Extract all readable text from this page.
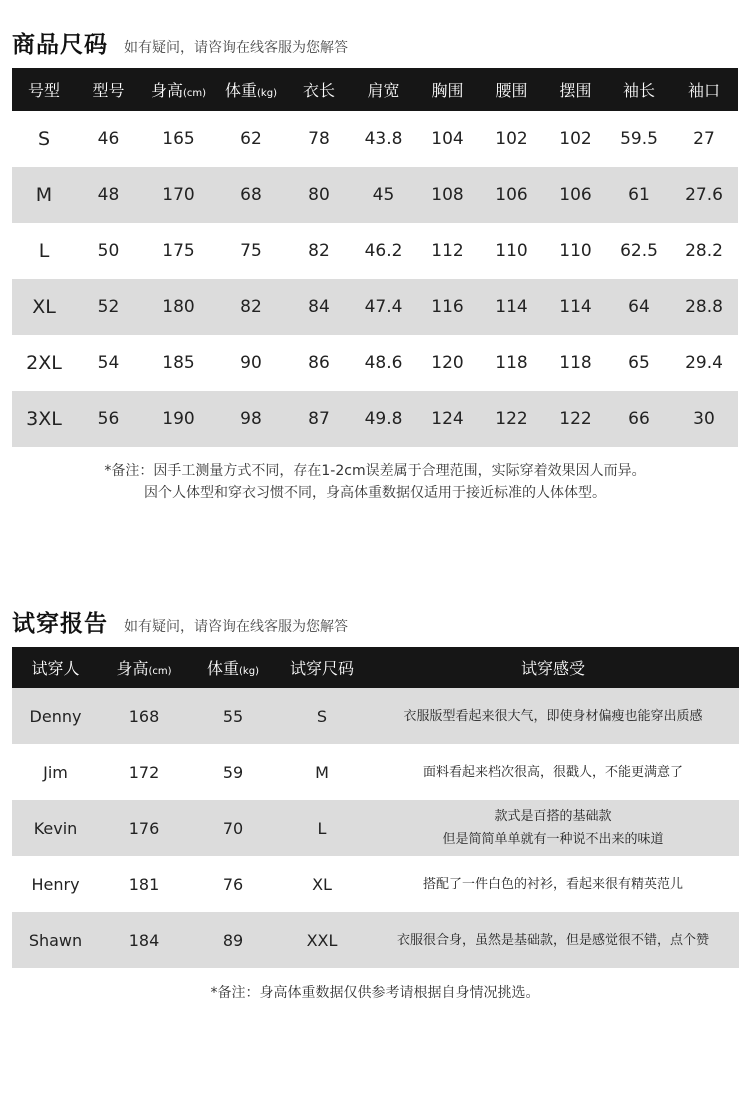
商品尺码 如有疑问，请咨询在线客服为您解答
号型	型号	身高(cm)	体重(kg)	衣长	肩宽	胸围	腰围	摆围	袖长	袖口
S	46	165	62	78	43.8	104	102	102	59.5	27
M	48	170	68	80	45	108	106	106	61	27.6
L	50	175	75	82	46.2	112	110	110	62.5	28.2
XL	52	180	82	84	47.4	116	114	114	64	28.8
2XL	54	185	90	86	48.6	120	118	118	65	29.4
3XL	56	190	98	87	49.8	124	122	122	66	30
*备注：因手工测量方式不同，存在1-2cm误差属于合理范围，实际穿着效果因人而异。
因个人体型和穿衣习惯不同，身高体重数据仅适用于接近标准的人体体型。
试穿报告 如有疑问，请咨询在线客服为您解答
试穿人	身高(cm)	体重(kg)	试穿尺码	试穿感受
Denny	168	55	S	衣服版型看起来很大气，即使身材偏瘦也能穿出质感

Jim	172	59	M	面料看起来档次很高，很戳人，不能更满意了

Kevin	176	70	L	款式是百搭的基础款
但是简简单单就有一种说不出来的味道

Henry	181	76	XL	搭配了一件白色的衬衫，看起来很有精英范儿

Shawn	184	89	XXL	衣服很合身，虽然是基础款，但是感觉很不错，点个赞
*备注：身高体重数据仅供参考请根据自身情况挑选。
